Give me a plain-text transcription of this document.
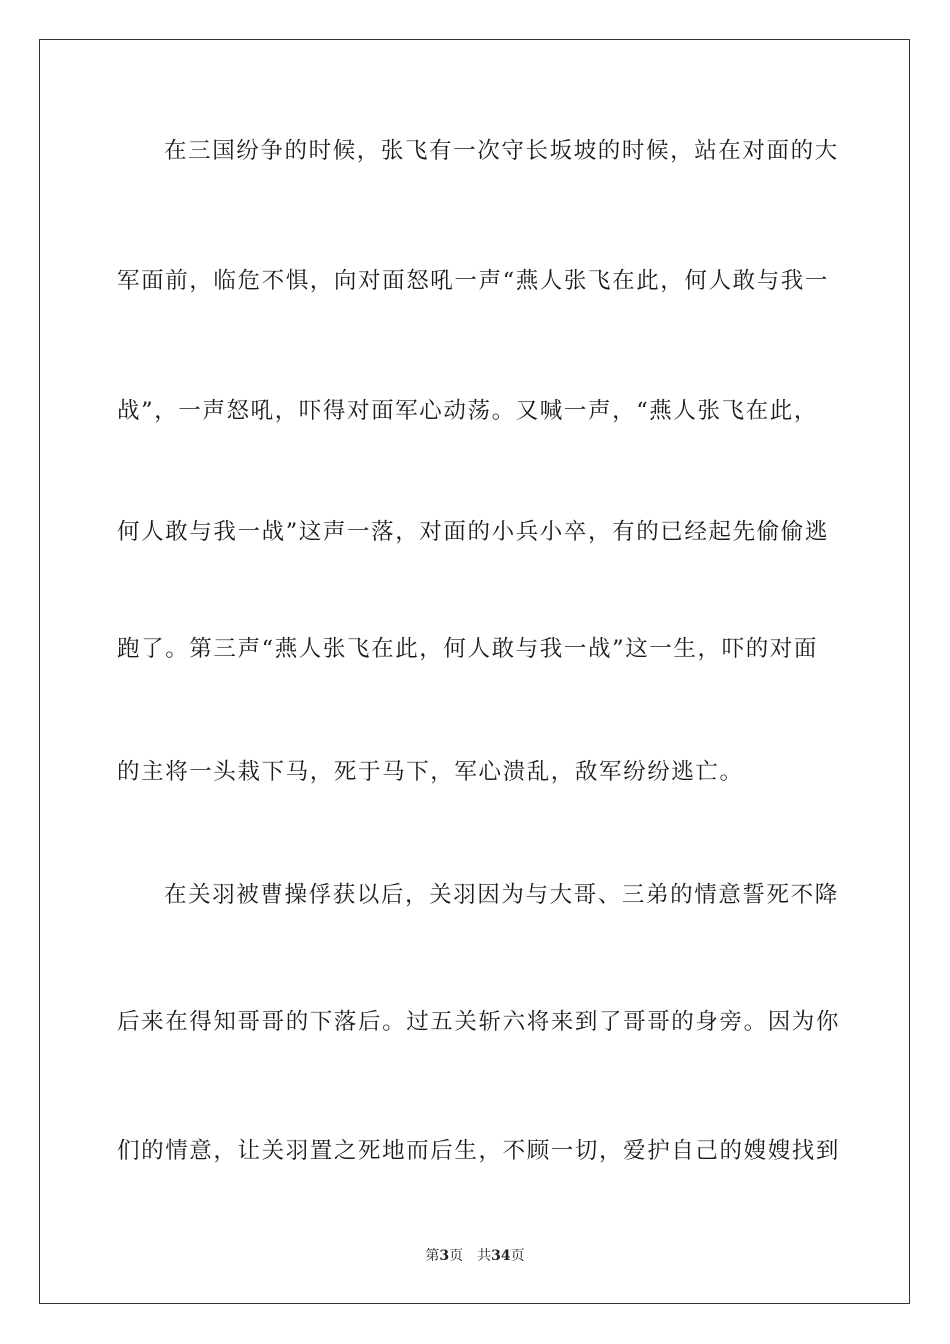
在三国纷争的时候，张飞有一次守长坂坡的时候，站在对面的大
军面前，临危不惧，向对面怒吼一声“燕人张飞在此，何人敢与我一
战”，一声怒吼，吓得对面军心动荡。又喊一声，“燕人张飞在此，
何人敢与我一战”这声一落，对面的小兵小卒，有的已经起先偷偷逃
跑了。第三声“燕人张飞在此，何人敢与我一战”这一生，吓的对面
的主将一头栽下马，死于马下，军心溃乱，敌军纷纷逃亡。
在关羽被曹操俘获以后，关羽因为与大哥、三弟的情意誓死不降
后来在得知哥哥的下落后。过五关斩六将来到了哥哥的身旁。因为你
们的情意，让关羽置之死地而后生，不顾一切，爱护自己的嫂嫂找到
第3页 共34页
